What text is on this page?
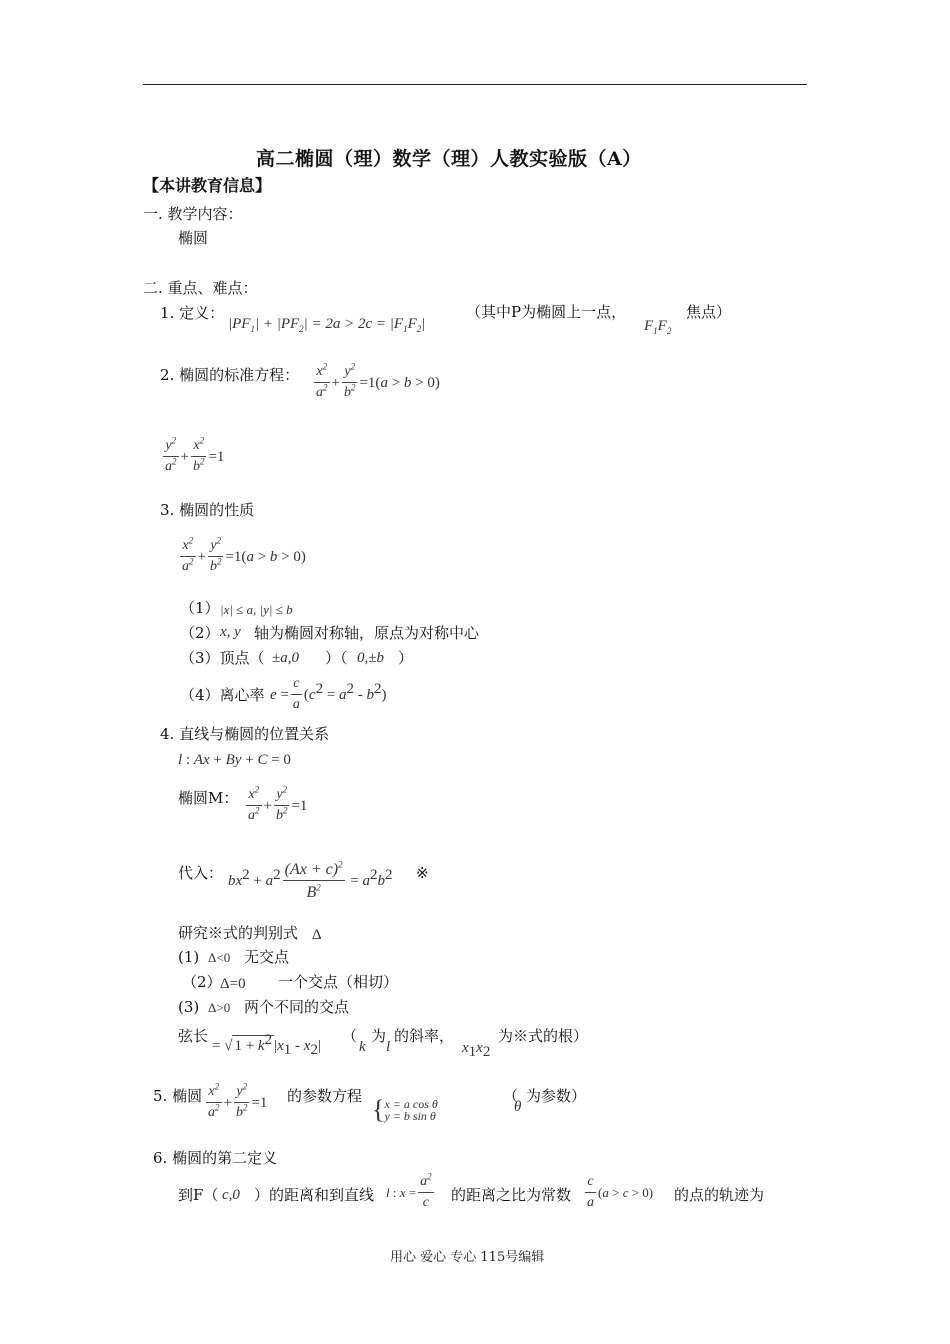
高二椭圆（理）数学（理）人教实验版（A）
【本讲教育信息】
一. 教学内容：
椭圆
二. 重点、难点：
1. 定义：
$|PF_1| + |PF_2| = 2a > 2c = |F_1F_2|$
（其中P为椭圆上一点，
$F_1F_2$
焦点）
2. 椭圆的标准方程： $\frac{x^2}{a^2} + \frac{y^2}{b^2} =1(a > b > 0)$
$\frac{y^2}{a^2} + \frac{x^2}{b^2} =1$
3. 椭圆的性质
$\frac{x^2}{a^2} + \frac{y^2}{b^2} =1(a > b > 0)$
（1） |x| ≤ a, |y| ≤ b
（2） x, y 轴为椭圆对称轴，原点为对称中心
（3）顶点（ ±a,0 ）（ 0,±b ）
（4）离心率 $e = \frac{c}{a} (c^2 = a^2 - b^2)$
4. 直线与椭圆的位置关系
l : Ax + By + C = 0
椭圆M： $\frac{x^2}{a^2} + \frac{y^2}{b^2} =1$
代入： $bx^2 + a^2 \frac{(Ax + c)^2}{B^2} = a^2b^2$ ※
研究※式的判别式 Δ
(1) Δ<0 无交点
（2）
Δ=0 一个交点（相切）
(3) Δ>0 两个不同的交点
弦长
= √ $1 + k^2$ $|x_1 - x_2|$
（
k
为
l
的斜率，
$x_1x_2$
为※式的根）
5. 椭圆 $\frac{x^2}{a^2} + \frac{y^2}{b^2} =1$ 的参数方程 {x = a cos θ
y = b sin θ
（
θ
为参数）
6. 椭圆的第二定义
到F（ c,0 ）的距离和到直线 l : $x = \frac{a^2}{c}$ 的距离之比为常数 $\frac{c}{a} (a > c > 0)$ 的点的轨迹为
用心 爱心 专心 115号编辑
